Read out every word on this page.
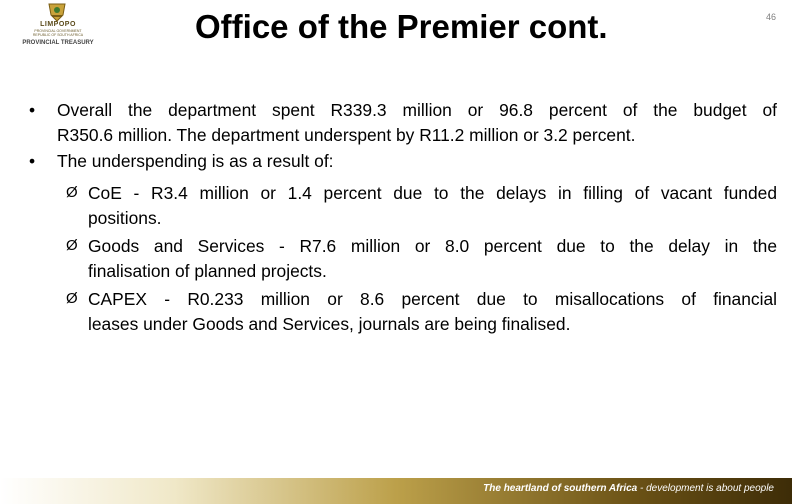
LIMPOPO
PROVINCIAL GOVERNMENT
REPUBLIC OF SOUTH AFRICA
PROVINCIAL TREASURY	Office of the Premier cont.	46
• Overall the department spent R339.3 million or 96.8 percent of the budget of
R350.6 million. The department underspent by R11.2 million or 3.2 percent.
• The underspending is as a result of:
Ø CoE - R3.4 million or 1.4 percent due to the delays in filling of vacant funded
positions.
Ø Goods and Services - R7.6 million or 8.0 percent due to the delay in the
finalisation of planned projects.
Ø CAPEX - R0.233 million or 8.6 percent due to misallocations of financial
leases under Goods and Services, journals are being finalised.
The heartland of southern Africa - development is about people
